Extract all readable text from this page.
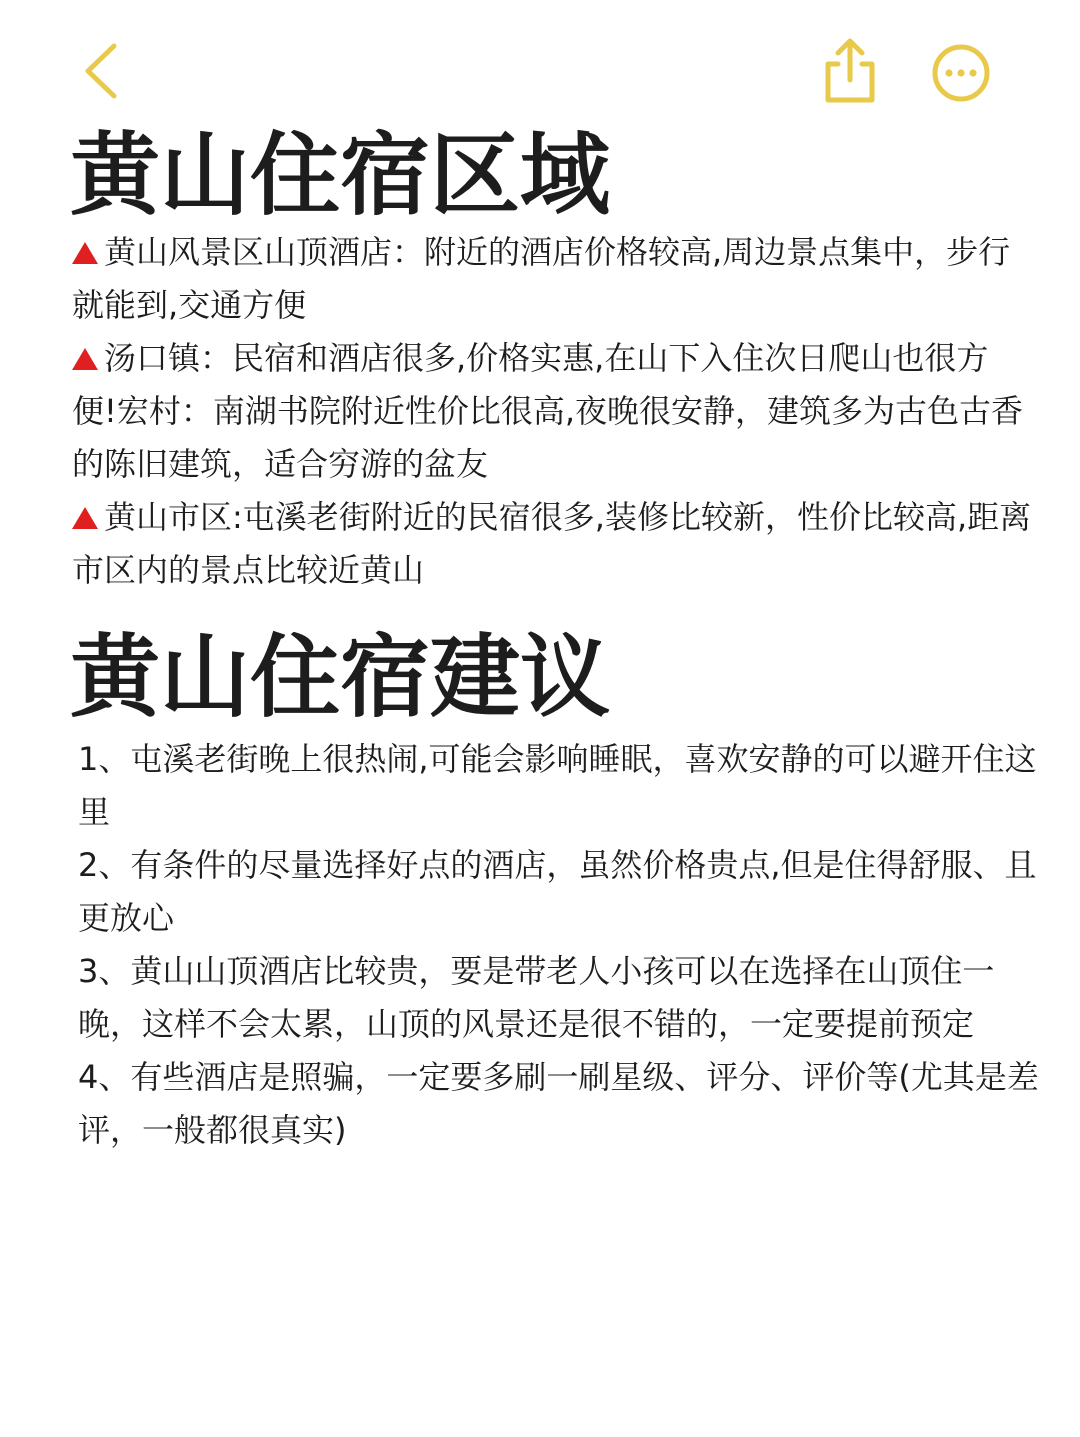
黄山住宿区域

黄山风景区山顶酒店：附近的酒店价格较高,周边景点集中，步行就能到,交通方便

汤口镇：民宿和酒店很多,价格实惠,在山下入住次日爬山也很方便!宏村：南湖书院附近性价比很高,夜晚很安静，建筑多为古色古香的陈旧建筑，适合穷游的盆友

黄山市区:屯溪老街附近的民宿很多,装修比较新，性价比较高,距离市区内的景点比较近黄山

黄山住宿建议

1、屯溪老街晚上很热闹,可能会影响睡眠，喜欢安静的可以避开住这里

2、有条件的尽量选择好点的酒店，虽然价格贵点,但是住得舒服、且更放心

3、黄山山顶酒店比较贵，要是带老人小孩可以在选择在山顶住一晚，这样不会太累，山顶的风景还是很不错的，一定要提前预定

4、有些酒店是照骗，一定要多刷一刷星级、评分、评价等(尤其是差评，一般都很真实)
